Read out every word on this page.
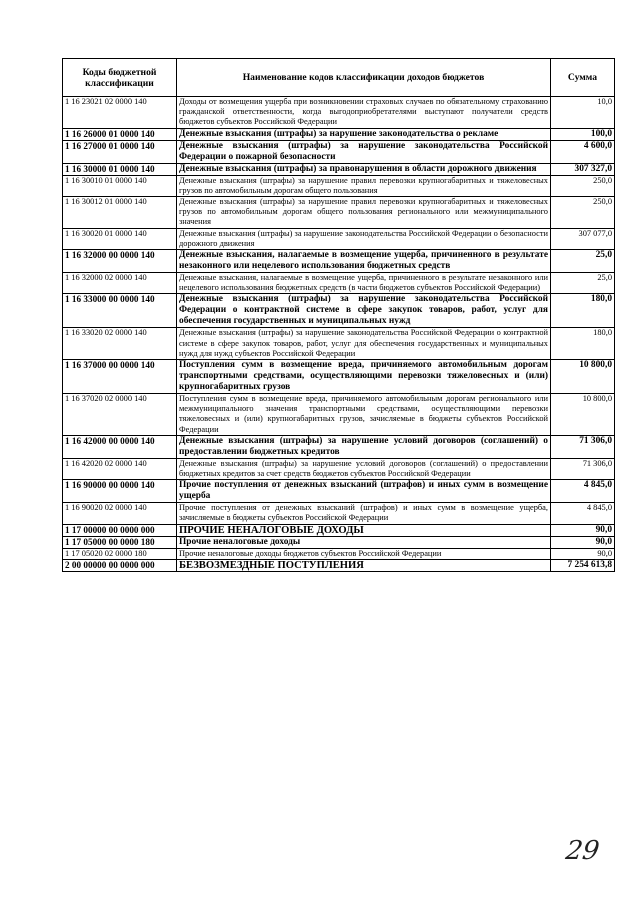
Коды бюджетной классификации	Наименование кодов классификации доходов бюджетов	Сумма
1 16 23021 02 0000 140	Доходы от возмещения ущерба при возникновении страховых случаев по обязательному страхованию гражданской ответственности, когда выгодоприобретателями выступают получатели средств бюджетов субъектов Российской Федерации	10,0
1 16 26000 01 0000 140	Денежные взыскания (штрафы) за нарушение законодательства о рекламе	100,0
1 16 27000 01 0000 140	Денежные взыскания (штрафы) за нарушение законодательства Российской Федерации о пожарной безопасности	4 600,0
1 16 30000 01 0000 140	Денежные взыскания (штрафы) за правонарушения в области дорожного движения	307 327,0
1 16 30010 01 0000 140	Денежные взыскания (штрафы) за нарушение правил перевозки крупногабаритных и тяжеловесных грузов по автомобильным дорогам общего пользования	250,0
1 16 30012 01 0000 140	Денежные взыскания (штрафы) за нарушение правил перевозки крупногабаритных и тяжеловесных грузов по автомобильным дорогам общего пользования регионального или межмуниципального значения	250,0
1 16 30020 01 0000 140	Денежные взыскания (штрафы) за нарушение законодательства Российской Федерации о безопасности дорожного движения	307 077,0
1 16 32000 00 0000 140	Денежные взыскания, налагаемые в возмещение ущерба, причиненного в результате незаконного или нецелевого использования бюджетных средств	25,0
1 16 32000 02 0000 140	Денежные взыскания, налагаемые в возмещение ущерба, причиненного в результате незаконного или нецелевого использования бюджетных средств (в части бюджетов субъектов Российской Федерации)	25,0
1 16 33000 00 0000 140	Денежные взыскания (штрафы) за нарушение законодательства Российской Федерации о контрактной системе в сфере закупок товаров, работ, услуг для обеспечения государственных и муниципальных нужд	180,0
1 16 33020 02 0000 140	Денежные взыскания (штрафы) за нарушение законодательства Российской Федерации о контрактной системе в сфере закупок товаров, работ, услуг для обеспечения государственных и муниципальных нужд для нужд субъектов Российской Федерации	180,0
1 16 37000 00 0000 140	Поступления сумм в возмещение вреда, причиняемого автомобильным дорогам транспортными средствами, осуществляющими перевозки тяжеловесных и (или) крупногабаритных грузов	10 800,0
1 16 37020 02 0000 140	Поступления сумм в возмещение вреда, причиняемого автомобильным дорогам регионального или межмуниципального значения транспортными средствами, осуществляющими перевозки тяжеловесных и (или) крупногабаритных грузов, зачисляемые в бюджеты субъектов Российской Федерации	10 800,0
1 16 42000 00 0000 140	Денежные взыскания (штрафы) за нарушение условий договоров (соглашений) о предоставлении бюджетных кредитов	71 306,0
1 16 42020 02 0000 140	Денежные взыскания (штрафы) за нарушение условий договоров (соглашений) о предоставлении бюджетных кредитов за счет средств бюджетов субъектов Российской Федерации	71 306,0
1 16 90000 00 0000 140	Прочие поступления от денежных взысканий (штрафов) и иных сумм в возмещение ущерба	4 845,0
1 16 90020 02 0000 140	Прочие поступления от денежных взысканий (штрафов) и иных сумм в возмещение ущерба, зачисляемые в бюджеты субъектов Российской Федерации	4 845,0
1 17 00000 00 0000 000	ПРОЧИЕ НЕНАЛОГОВЫЕ ДОХОДЫ	90,0
1 17 05000 00 0000 180	Прочие неналоговые доходы	90,0
1 17 05020 02 0000 180	Прочие неналоговые доходы бюджетов субъектов Российской Федерации	90,0
2 00 00000 00 0000 000	БЕЗВОЗМЕЗДНЫЕ ПОСТУПЛЕНИЯ	7 254 613,8
29
